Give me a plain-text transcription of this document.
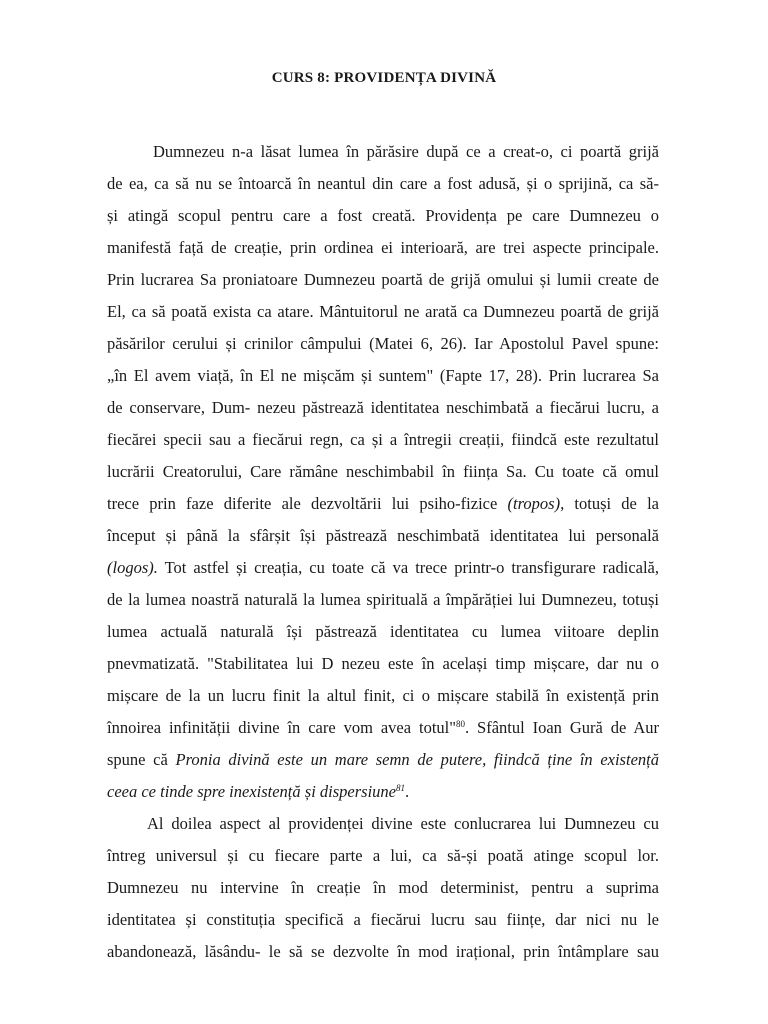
CURS 8: PROVIDENȚA DIVINĂ
Dumnezeu n-a lăsat lumea în părăsire după ce a creat-o, ci poartă grijă
de ea, ca să nu se întoarcă în neantul din care a fost adusă, și o sprijină, ca să-
și atingă scopul pentru care a fost creată. Providența pe care Dumnezeu o
manifestă față de creație, prin ordinea ei interioară, are trei aspecte principale.
Prin lucrarea Sa proniatoare Dumnezeu poartă de grijă omului și lumii create de
El, ca să poată exista ca atare. Mântuitorul ne arată ca Dumnezeu poartă de grijă
păsărilor cerului și crinilor câmpului (Matei 6, 26). Iar Apostolul Pavel spune:
„în El avem viață, în El ne mișcăm și suntem" (Fapte 17, 28). Prin lucrarea Sa
de conservare, Dum- nezeu păstrează identitatea neschimbată a fiecărui lucru, a
fiecărei specii sau a fiecărui regn, ca și a întregii creații, fiindcă este rezultatul
lucrării Creatorului, Care rămâne neschimbabil în ființa Sa. Cu toate că omul
trece prin faze diferite ale dezvoltării lui psiho-fizice (tropos), totuși de la
început și până la sfârșit își păstrează neschimbată identitatea lui personală
(logos). Tot astfel și creația, cu toate că va trece printr-o transfigurare radicală,
de la lumea noastră naturală la lumea spirituală a împărăției lui Dumnezeu, totuși
lumea actuală naturală își păstrează identitatea cu lumea viitoare deplin
pnevmatizată. "Stabilitatea lui D nezeu este în același timp mișcare, dar nu o
mișcare de la un lucru finit la altul finit, ci o mișcare stabilă în existență prin
înnoirea infinității divine în care vom avea totul"$^{80}$. Sfântul Ioan Gură de Aur
spune că Pronia divină este un mare semn de putere, fiindcă ține în existență
ceea ce tinde spre inexistență și dispersiune$^{81}$.
Al doilea aspect al providenței divine este conlucrarea lui Dumnezeu cu
întreg universul și cu fiecare parte a lui, ca să-și poată atinge scopul lor.
Dumnezeu nu intervine în creație în mod determinist, pentru a suprima
identitatea și constituția specifică a fiecărui lucru sau ființe, dar nici nu le
abandonează, lăsându- le să se dezvolte în mod irațional, prin întâmplare sau
